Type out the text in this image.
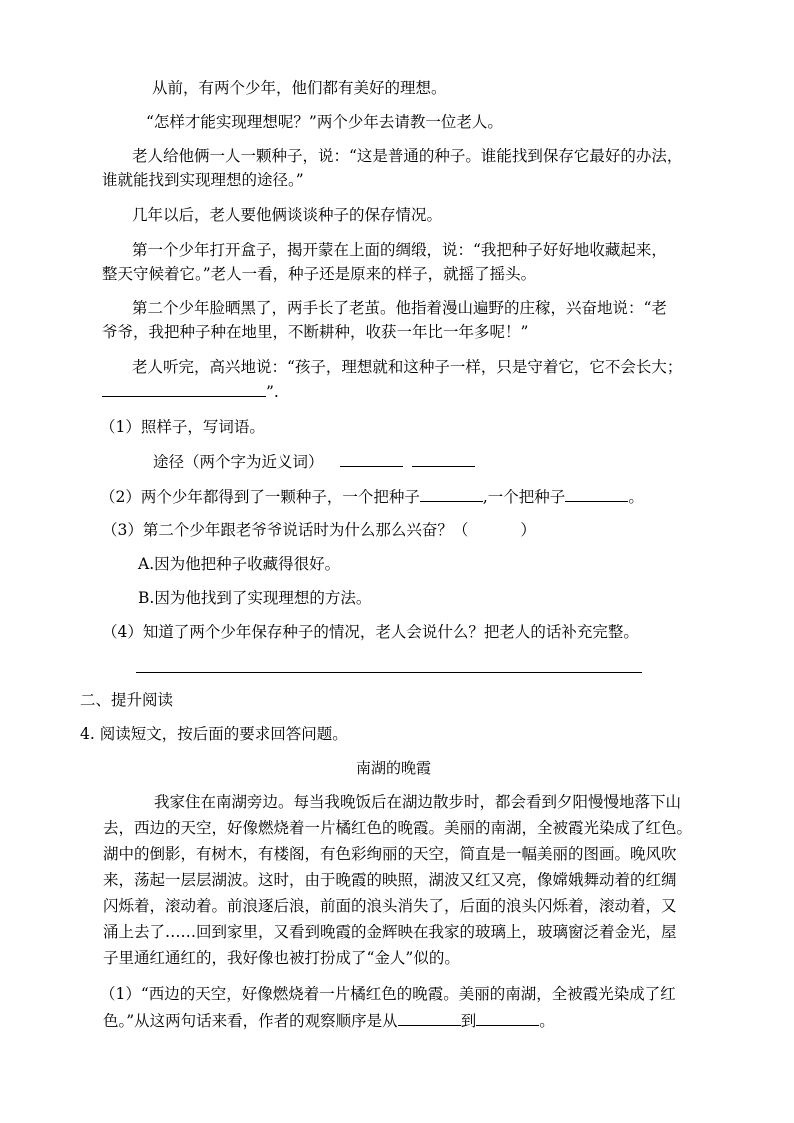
从前，有两个少年，他们都有美好的理想。
“怎样才能实现理想呢？”两个少年去请教一位老人。
老人给他俩一人一颗种子，说：“这是普通的种子。谁能找到保存它最好的办法，
谁就能找到实现理想的途径。”
几年以后，老人要他俩谈谈种子的保存情况。
第一个少年打开盒子，揭开蒙在上面的绸缎，说：“我把种子好好地收藏起来，
整天守候着它。”老人一看，种子还是原来的样子，就摇了摇头。
第二个少年脸晒黑了，两手长了老茧。他指着漫山遍野的庄稼，兴奋地说：“老
爷爷，我把种子种在地里，不断耕种，收获一年比一年多呢！”
老人听完，高兴地说：“孩子，理想就和这种子一样，只是守着它，它不会长大；
”.
（1）照样子，写词语。
途径（两个字为近义词）
（2）两个少年都得到了一颗种子，一个把种子	,一个把种子	。
（3）第二个少年跟老爷爷说话时为什么那么兴奋？（	）
A.因为他把种子收藏得很好。
B.因为他找到了实现理想的方法。
（4）知道了两个少年保存种子的情况，老人会说什么？把老人的话补充完整。
二、提升阅读
4. 阅读短文，按后面的要求回答问题。
南湖的晚霞
我家住在南湖旁边。每当我晚饭后在湖边散步时，都会看到夕阳慢慢地落下山
去，西边的天空，好像燃烧着一片橘红色的晚霞。美丽的南湖，全被霞光染成了红色。
湖中的倒影，有树木，有楼阁，有色彩绚丽的天空，简直是一幅美丽的图画。晚风吹
来，荡起一层层湖波。这时，由于晚霞的映照，湖波又红又亮，像嫦娥舞动着的红绸
闪烁着，滚动着。前浪逐后浪，前面的浪头消失了，后面的浪头闪烁着，滚动着，又
涌上去了……回到家里，又看到晚霞的金辉映在我家的玻璃上，玻璃窗泛着金光，屋
子里通红通红的，我好像也被打扮成了“金人”似的。
（1）“西边的天空，好像燃烧着一片橘红色的晚霞。美丽的南湖，全被霞光染成了红
色。”从这两句话来看，作者的观察顺序是从	到	。
